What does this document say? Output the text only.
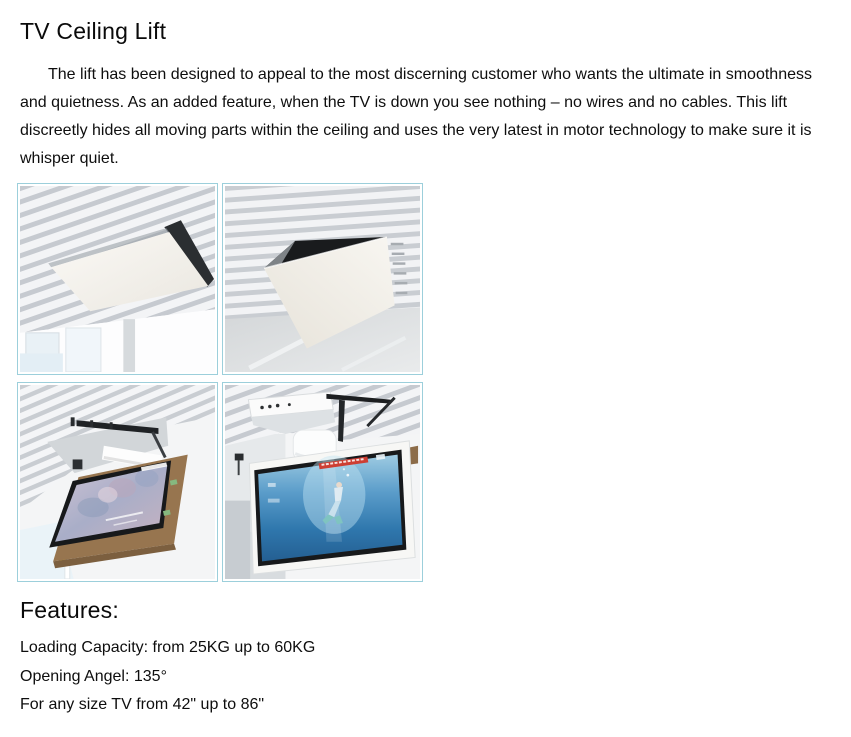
TV Ceiling Lift

The lift has been designed to appeal to the most discerning customer who wants the ultimate in smoothness and quietness. As an added feature, when the TV is down you see nothing – no wires and no cables. This lift discreetly hides all moving parts within the ceiling and uses the very latest in motor technology to make sure it is whisper quiet.

Features:

Loading Capacity: from 25KG up to 60KG

Opening Angel: 135°

For any size TV from 42" up to 86"
